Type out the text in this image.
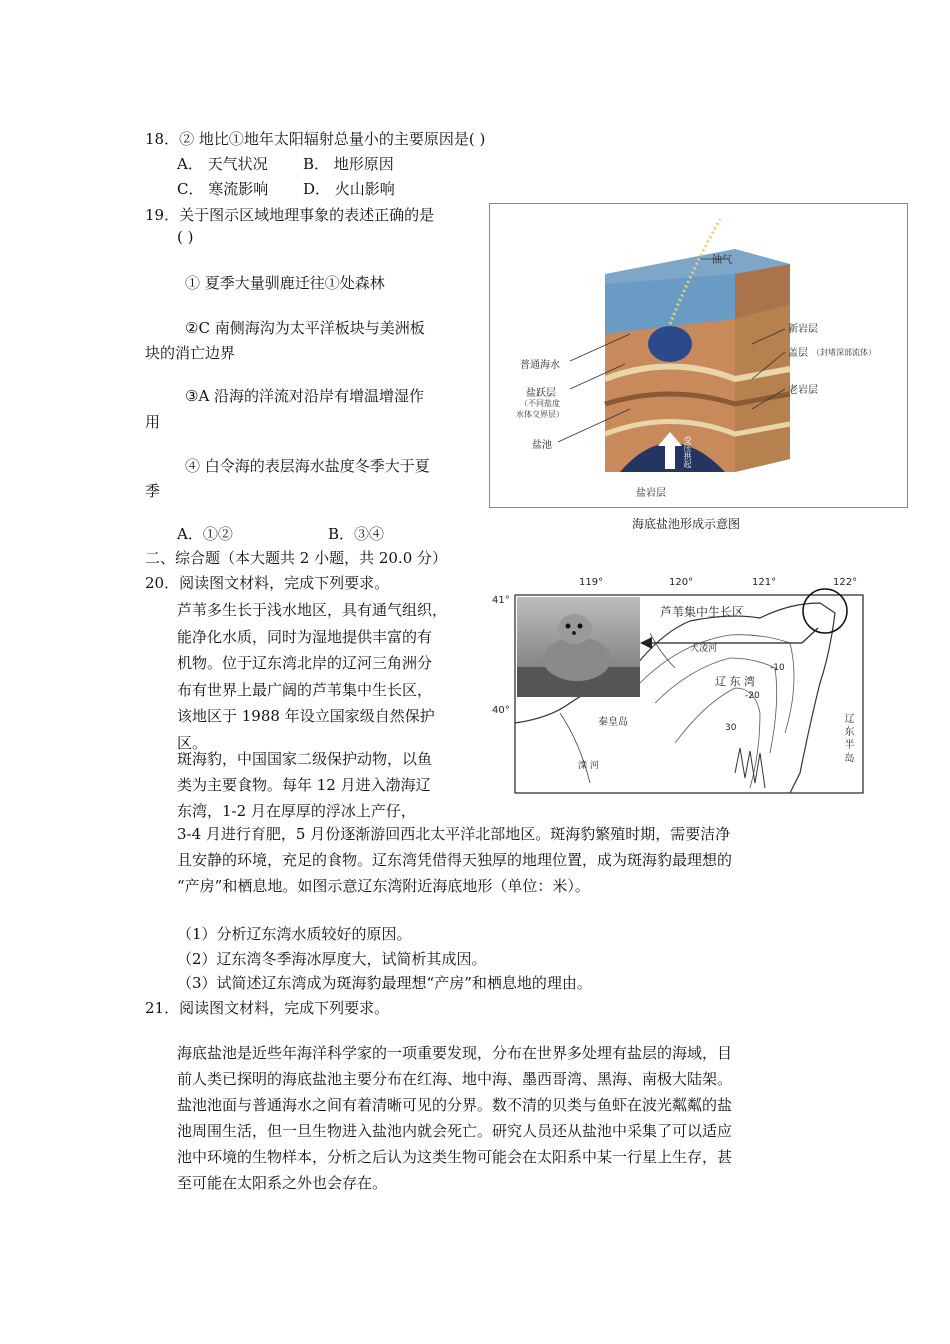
18．② 地比①地年太阳辐射总量小的主要原因是( )
A． 天气状况 B． 地形原因
C． 寒流影响 D． 火山影响
19．关于图示区域地理事象的表述正确的是
( )
① 夏季大量驯鹿迁往①处森林
②C 南侧海沟为太平洋板块与美洲板
块的消亡边界
③A 沿海的洋流对沿岸有增温增湿作
用
④ 白令海的表层海水盐度冬季大于夏
季
A．①②	B．③④
油气
新岩层
盖层 （封堵深部流体）
老岩层
普通海水
盐跃层
（不同盐度
水体交界层）
盐池	受压拱起
盐岩层
海底盐池形成示意图
二、综合题（本大题共 2 小题，共 20.0 分）
20．阅读图文材料，完成下列要求。
芦苇多生长于浅水地区，具有通气组织，
能净化水质，同时为湿地提供丰富的有
机物。位于辽东湾北岸的辽河三角洲分
布有世界上最广阔的芦苇集中生长区，
该地区于 1988 年设立国家级自然保护
区。
斑海豹，中国国家二级保护动物，以鱼
类为主要食物。每年 12 月进入渤海辽
东湾，1-2 月在厚厚的浮冰上产仔，
3-4 月进行育肥，5 月份逐渐游回西北太平洋北部地区。斑海豹繁殖时期，需要洁净
且安静的环境，充足的食物。辽东湾凭借得天独厚的地理位置，成为斑海豹最理想的
“产房”和栖息地。如图示意辽东湾附近海底地形（单位：米）。
（1）分析辽东湾水质较好的原因。
（2）辽东湾冬季海冰厚度大，试简析其成因。
（3）试简述辽东湾成为斑海豹最理想“产房”和栖息地的理由。
119°	120°	121°	122°
41°
40°
芦苇集中生长区
辽 东 湾
秦皇岛
滦 河
大凌河
辽 东 半 岛
-10
-20
30
21．阅读图文材料，完成下列要求。
海底盐池是近些年海洋科学家的一项重要发现，分布在世界多处埋有盐层的海域，目
前人类已探明的海底盐池主要分布在红海、地中海、墨西哥湾、黑海、南极大陆架。
盐池池面与普通海水之间有着清晰可见的分界。数不清的贝类与鱼虾在波光粼粼的盐
池周围生活，但一旦生物进入盐池内就会死亡。研究人员还从盐池中采集了可以适应
池中环境的生物样本，分析之后认为这类生物可能会在太阳系中某一行星上生存，甚
至可能在太阳系之外也会存在。
